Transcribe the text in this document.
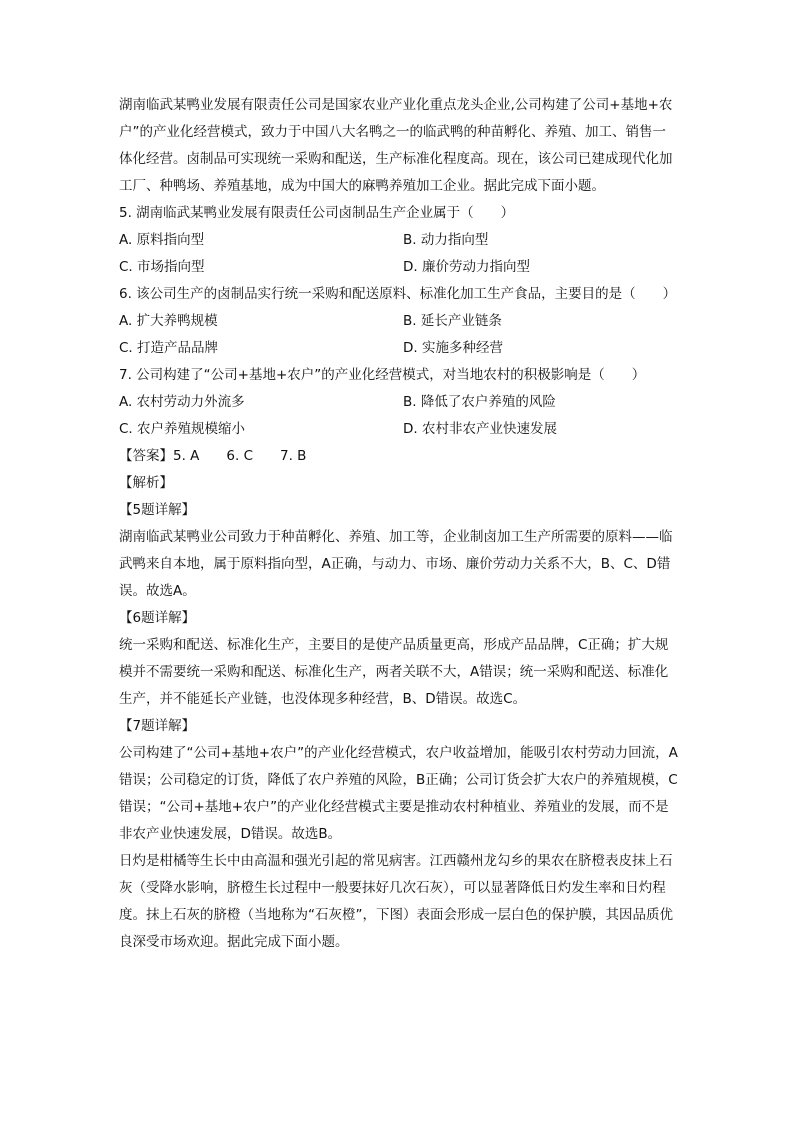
湖南临武某鸭业发展有限责任公司是国家农业产业化重点龙头企业,公司构建了公司+基地+农户”的产业化经营模式，致力于中国八大名鸭之一的临武鸭的种苗孵化、养殖、加工、销售一体化经营。卤制品可实现统一采购和配送，生产标准化程度高。现在，该公司已建成现代化加工厂、种鸭场、养殖基地，成为中国大的麻鸭养殖加工企业。据此完成下面小题。

5. 湖南临武某鸭业发展有限责任公司卤制品生产企业属于（　　）

A. 原料指向型	B. 动力指向型

C. 市场指向型	D. 廉价劳动力指向型

6. 该公司生产的卤制品实行统一采购和配送原料、标准化加工生产食品，主要目的是（　　）

A. 扩大养鸭规模	B. 延长产业链条

C. 打造产品品牌	D. 实施多种经营

7. 公司构建了“公司+基地+农户”的产业化经营模式，对当地农村的积极影响是（　　）

A. 农村劳动力外流多	B. 降低了农户养殖的风险

C. 农户养殖规模缩小	D. 农村非农产业快速发展

【答案】5. A　　6. C　　7. B

【解析】

【5题详解】

湖南临武某鸭业公司致力于种苗孵化、养殖、加工等，企业制卤加工生产所需要的原料——临武鸭来自本地，属于原料指向型，A正确，与动力、市场、廉价劳动力关系不大，B、C、D错误。故选A。

【6题详解】

统一采购和配送、标准化生产，主要目的是使产品质量更高，形成产品品牌，C正确；扩大规模并不需要统一采购和配送、标准化生产，两者关联不大，A错误；统一采购和配送、标准化生产，并不能延长产业链，也没体现多种经营，B、D错误。故选C。

【7题详解】

公司构建了“公司+基地+农户”的产业化经营模式，农户收益增加，能吸引农村劳动力回流，A错误；公司稳定的订货，降低了农户养殖的风险，B正确；公司订货会扩大农户的养殖规模，C错误；“公司+基地+农户”的产业化经营模式主要是推动农村种植业、养殖业的发展，而不是非农产业快速发展，D错误。故选B。

日灼是柑橘等生长中由高温和强光引起的常见病害。江西赣州龙勾乡的果农在脐橙表皮抹上石灰（受降水影响，脐橙生长过程中一般要抹好几次石灰），可以显著降低日灼发生率和日灼程度。抹上石灰的脐橙（当地称为“石灰橙”，下图）表面会形成一层白色的保护膜，其因品质优良深受市场欢迎。据此完成下面小题。
